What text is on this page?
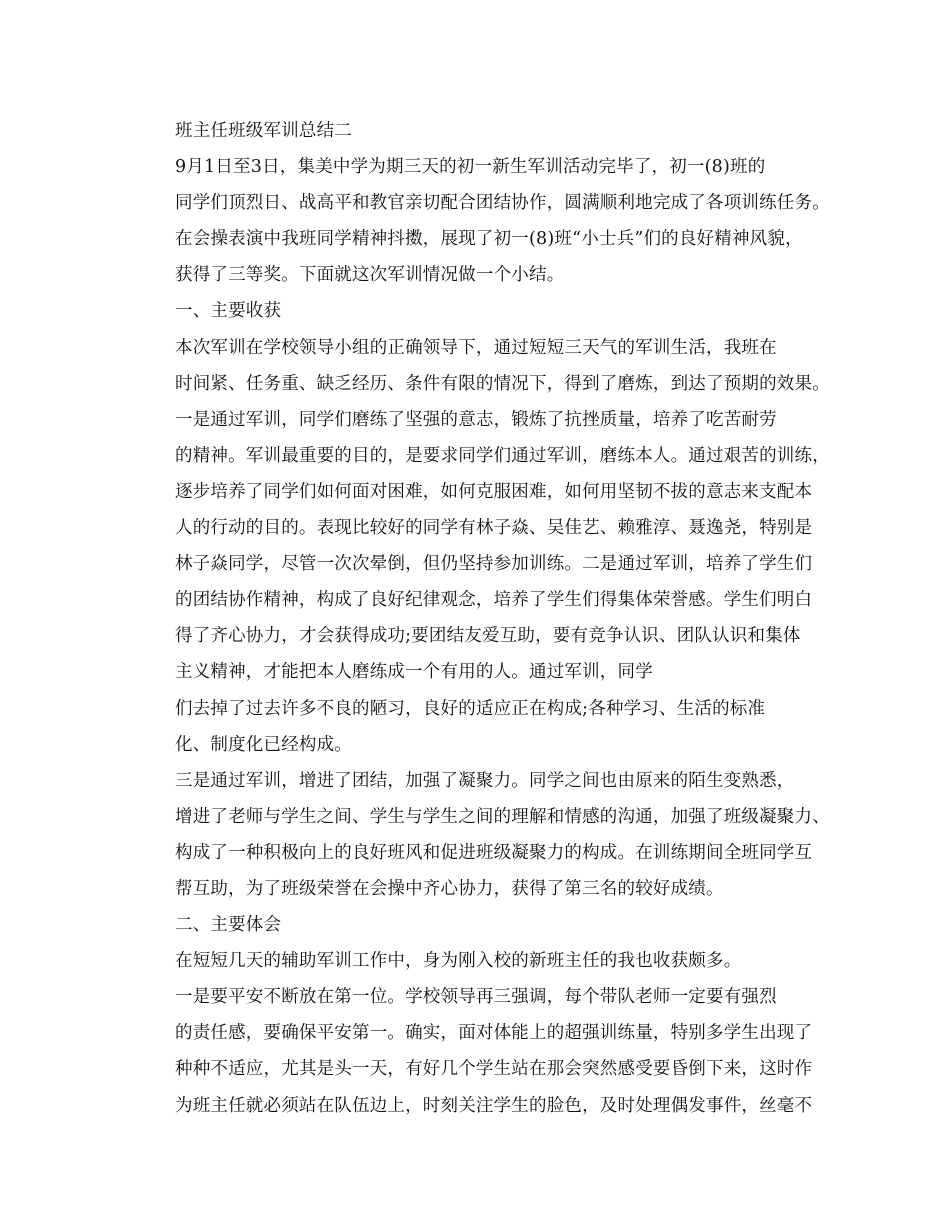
班主任班级军训总结二

9月1日至3日，集美中学为期三天的初一新生军训活动完毕了，初一(8)班的
同学们顶烈日、战高平和教官亲切配合团结协作，圆满顺利地完成了各项训练任务。
在会操表演中我班同学精神抖擞，展现了初一(8)班“小士兵”们的良好精神风貌，
获得了三等奖。下面就这次军训情况做一个小结。

一、主要收获

本次军训在学校领导小组的正确领导下，通过短短三天气的军训生活，我班在
时间紧、任务重、缺乏经历、条件有限的情况下，得到了磨炼，到达了预期的效果。

一是通过军训，同学们磨练了坚强的意志，锻炼了抗挫质量，培养了吃苦耐劳
的精神。军训最重要的目的，是要求同学们通过军训，磨练本人。通过艰苦的训练，
逐步培养了同学们如何面对困难，如何克服困难，如何用坚韧不拔的意志来支配本
人的行动的目的。表现比较好的同学有林子焱、吴佳艺、赖雅淳、聂逸尧，特别是
林子焱同学，尽管一次次晕倒，但仍坚持参加训练。二是通过军训，培养了学生们
的团结协作精神，构成了良好纪律观念，培养了学生们得集体荣誉感。学生们明白
得了齐心协力，才会获得成功;要团结友爱互助，要有竞争认识、团队认识和集体
主义精神，才能把本人磨练成一个有用的人。通过军训，同学

们去掉了过去许多不良的陋习，良好的适应正在构成;各种学习、生活的标准
化、制度化已经构成。

三是通过军训，增进了团结，加强了凝聚力。同学之间也由原来的陌生变熟悉，
增进了老师与学生之间、学生与学生之间的理解和情感的沟通，加强了班级凝聚力、
构成了一种积极向上的良好班风和促进班级凝聚力的构成。在训练期间全班同学互
帮互助，为了班级荣誉在会操中齐心协力，获得了第三名的较好成绩。

二、主要体会

在短短几天的辅助军训工作中，身为刚入校的新班主任的我也收获颇多。

一是要平安不断放在第一位。学校领导再三强调，每个带队老师一定要有强烈
的责任感，要确保平安第一。确实，面对体能上的超强训练量，特别多学生出现了
种种不适应，尤其是头一天，有好几个学生站在那会突然感受要昏倒下来，这时作
为班主任就必须站在队伍边上，时刻关注学生的脸色，及时处理偶发事件，丝毫不
